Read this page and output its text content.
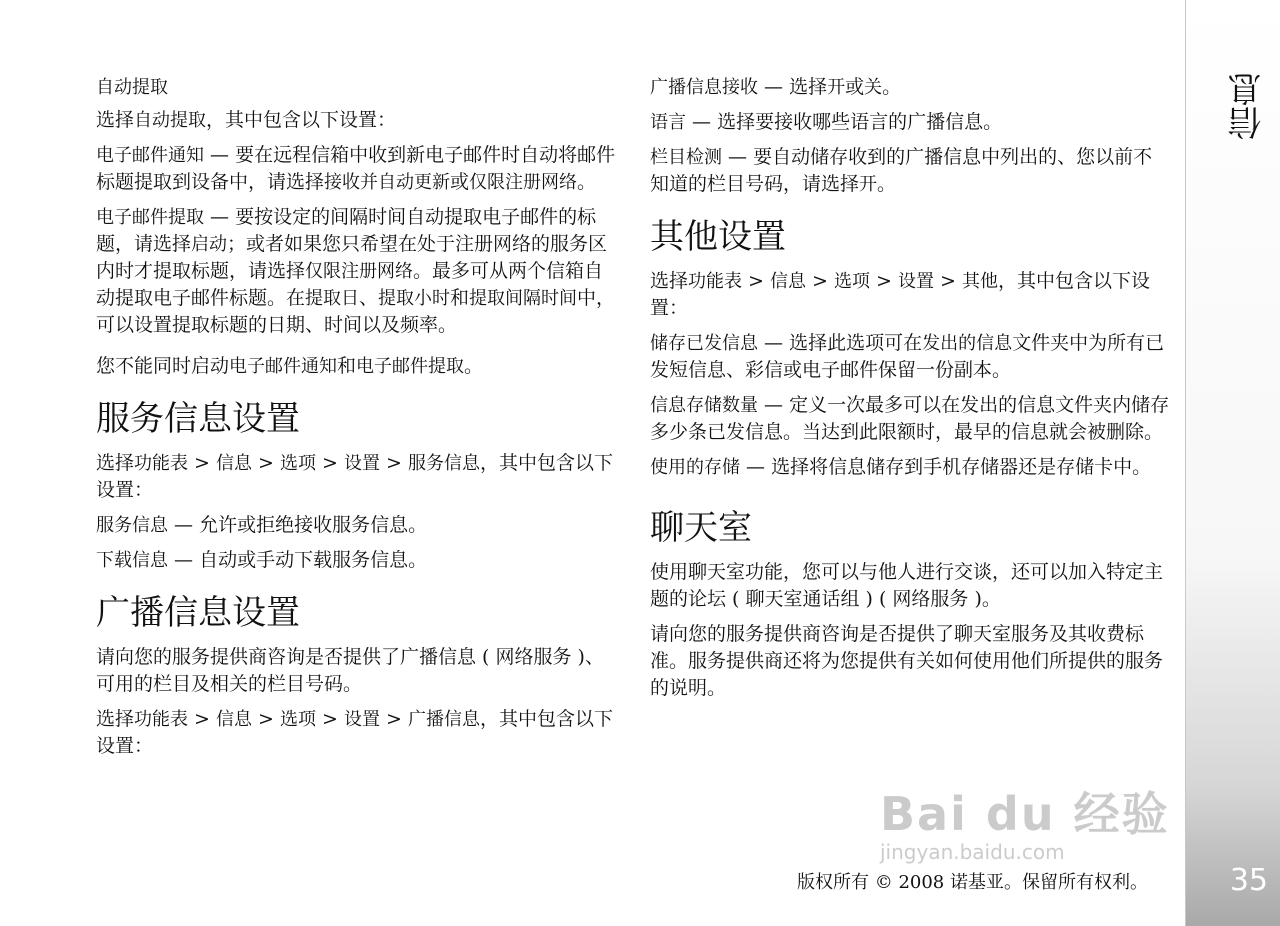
自动提取

选择自动提取，其中包含以下设置：

电子邮件通知 — 要在远程信箱中收到新电子邮件时自动将邮件标题提取到设备中，请选择接收并自动更新或仅限注册网络。

电子邮件提取 — 要按设定的间隔时间自动提取电子邮件的标题，请选择启动；或者如果您只希望在处于注册网络的服务区内时才提取标题，请选择仅限注册网络。最多可从两个信箱自动提取电子邮件标题。在提取日、提取小时和提取间隔时间中，可以设置提取标题的日期、时间以及频率。

您不能同时启动电子邮件通知和电子邮件提取。

服务信息设置

选择功能表 > 信息 > 选项 > 设置 > 服务信息，其中包含以下设置：

服务信息 — 允许或拒绝接收服务信息。

下载信息 — 自动或手动下载服务信息。

广播信息设置

请向您的服务提供商咨询是否提供了广播信息 ( 网络服务 )、可用的栏目及相关的栏目号码。

选择功能表 > 信息 > 选项 > 设置 > 广播信息，其中包含以下设置：

广播信息接收 — 选择开或关。

语言 — 选择要接收哪些语言的广播信息。

栏目检测 — 要自动储存收到的广播信息中列出的、您以前不知道的栏目号码，请选择开。

其他设置

选择功能表 > 信息 > 选项 > 设置 > 其他，其中包含以下设置：

储存已发信息 — 选择此选项可在发出的信息文件夹中为所有已发短信息、彩信或电子邮件保留一份副本。

信息存储数量 — 定义一次最多可以在发出的信息文件夹内储存多少条已发信息。当达到此限额时，最早的信息就会被删除。

使用的存储 — 选择将信息储存到手机存储器还是存储卡中。

聊天室

使用聊天室功能，您可以与他人进行交谈，还可以加入特定主题的论坛 ( 聊天室通话组 ) ( 网络服务 )。

请向您的服务提供商咨询是否提供了聊天室服务及其收费标准。服务提供商还将为您提供有关如何使用他们所提供的服务的说明。

Bai du 经验
jingyan.baidu.com
版权所有 © 2008 诺基亚。保留所有权利。
信息
35
